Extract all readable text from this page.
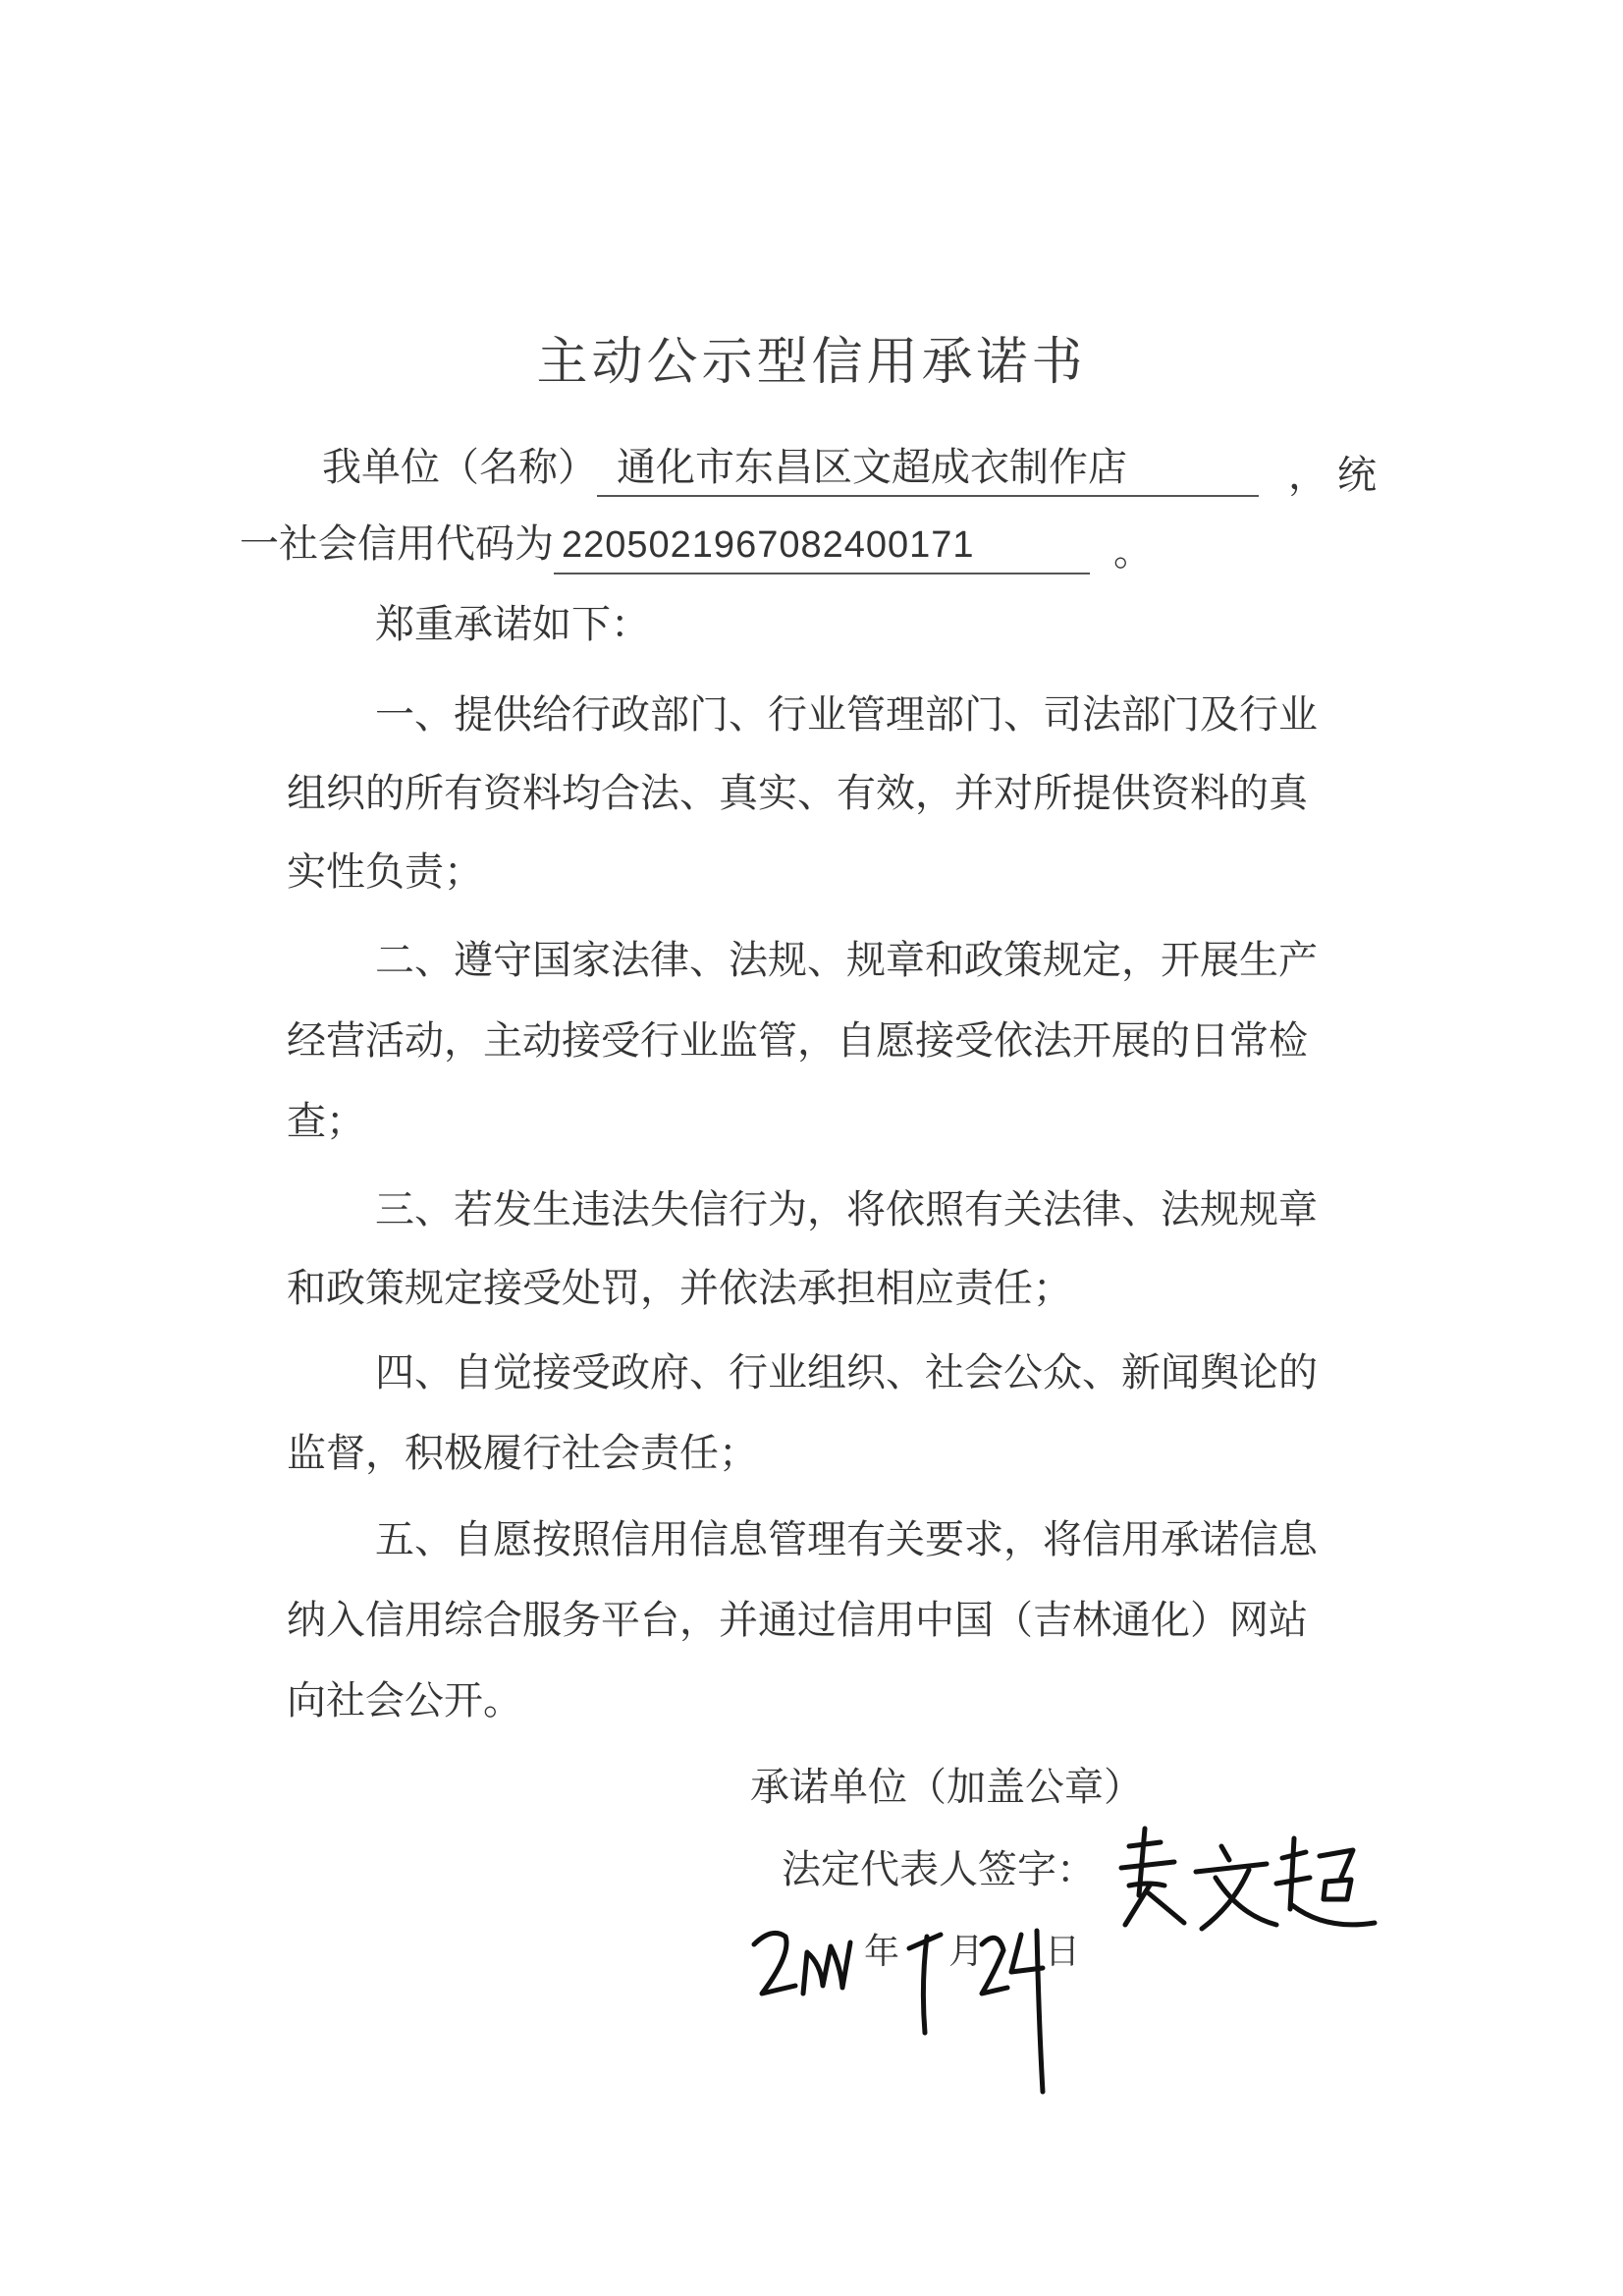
主动公示型信用承诺书
我单位（名称） 通化市东昌区文超成衣制作店	， 统
一社会信用代码为 2205021967082400171	。
郑重承诺如下：
一、提供给行政部门、行业管理部门、司法部门及行业
组织的所有资料均合法、真实、有效，并对所提供资料的真
实性负责；
二、遵守国家法律、法规、规章和政策规定，开展生产
经营活动，主动接受行业监管，自愿接受依法开展的日常检
查；
三、若发生违法失信行为，将依照有关法律、法规规章
和政策规定接受处罚，并依法承担相应责任；
四、自觉接受政府、行业组织、社会公众、新闻舆论的
监督，积极履行社会责任；
五、自愿按照信用信息管理有关要求，将信用承诺信息
纳入信用综合服务平台，并通过信用中国（吉林通化）网站
向社会公开。
承诺单位（加盖公章）
法定代表人签字：
年 月 日
